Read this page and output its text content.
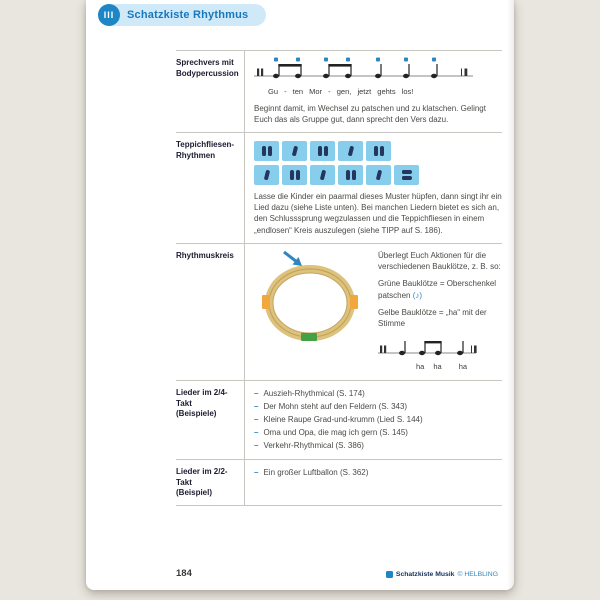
III Schatzkiste Rhythmus
Sprechvers mit Bodypercussion
Gu - ten Mor - gen, jetzt gehts los!

Beginnt damit, im Wechsel zu patschen und zu klatschen. Gelingt Euch das als Gruppe gut, dann sprecht den Vers dazu.

Teppichfliesen-Rhythmen

Lasse die Kinder ein paarmal dieses Muster hüpfen, dann singt ihr ein Lied dazu (siehe Liste unten). Bei manchen Liedern bietet es sich an, den Schlusssprung wegzulassen und die Teppichfliesen in einem „endlosen“ Kreis auszulegen (siehe TIPP auf S. 186).

Rhythmuskreis	Überlegt Euch Aktionen für die verschiedenen Bauklötze, z. B. so:

Grüne Bauklötze = Oberschenkel patschen (♪)

Gelbe Bauklötze = „ha“ mit der Stimme

ha ha ha
Lieder im 2/4-Takt
(Beispiele)
– Auszieh-Rhythmical (S. 174)
– Der Mohn steht auf den Feldern (S. 343)
– Kleine Raupe Grad-und-krumm (Lied S. 144)
– Oma und Opa, die mag ich gern (S. 145)
– Verkehr-Rhythmical (S. 386)
Lieder im 2/2-Takt
(Beispiel)
– Ein großer Luftballon (S. 362)
184	Schatzkiste Musik © HELBLING
